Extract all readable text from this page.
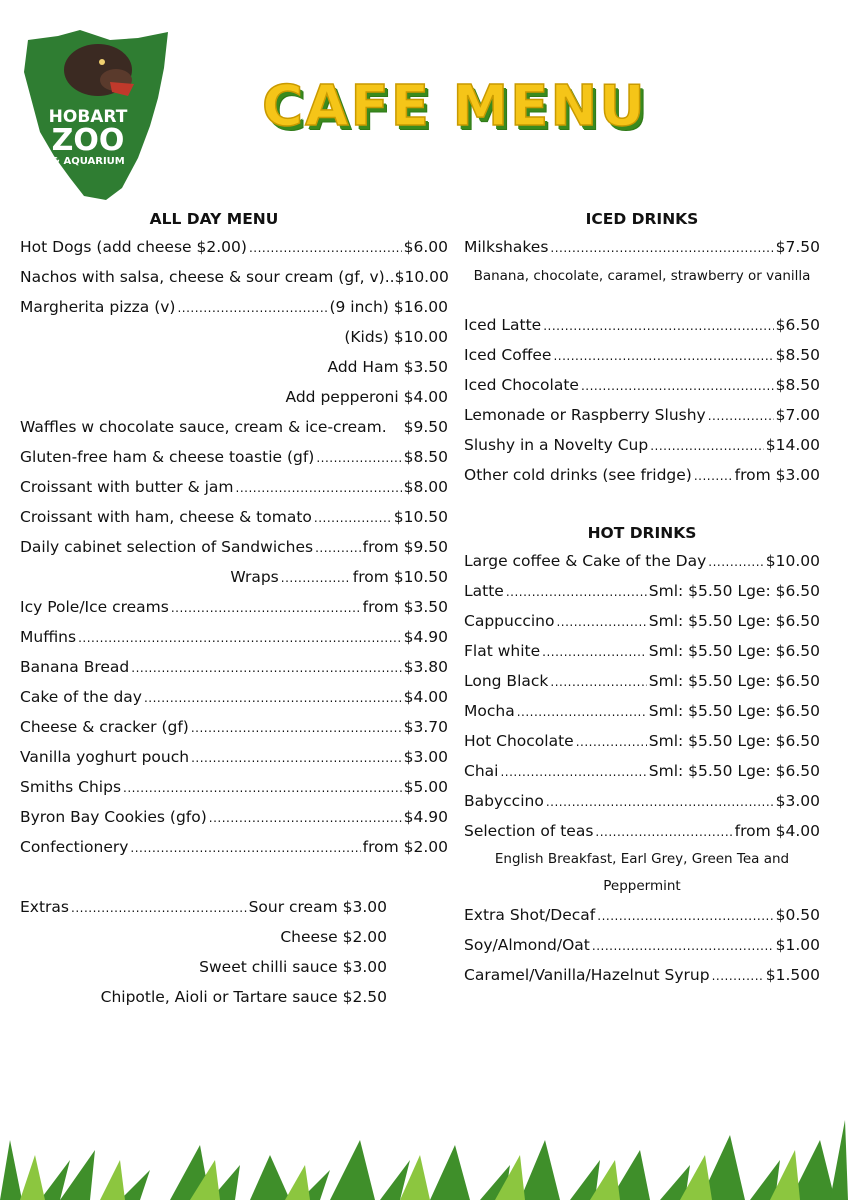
HOBART
ZOO
& AQUARIUM
CAFE MENU
ALL DAY MENU
Hot Dogs (add cheese $2.00) .....	$6.00
Nachos with salsa, cheese & sour cream (gf, v).. $10.00
Margherita pizza (v) .....	(9 inch) $16.00
(Kids) $10.00
Add Ham $3.50
Add pepperoni $4.00
Waffles w chocolate sauce, cream & ice-cream. $9.50
Gluten-free ham & cheese toastie (gf) .....	$8.50
Croissant with butter & jam .....	$8.00
Croissant with ham, cheese & tomato .....	$10.50
Daily cabinet selection of Sandwiches .....	from $9.50
Wraps .....	from $10.50
Icy Pole/Ice creams .....	from $3.50
Muffins .....	$4.90
Banana Bread .....	$3.80
Cake of the day .....	$4.00
Cheese & cracker (gf) .....	$3.70
Vanilla yoghurt pouch .....	$3.00
Smiths Chips .....	$5.00
Byron Bay Cookies (gfo) .....	$4.90
Confectionery .....	from $2.00
Extras .....	Sour cream $3.00
Cheese $2.00
Sweet chilli sauce $3.00
Chipotle, Aioli or Tartare sauce $2.50
ICED DRINKS
Milkshakes .....	$7.50
Banana, chocolate, caramel, strawberry or vanilla
Iced Latte .....	$6.50
Iced Coffee .....	$8.50
Iced Chocolate .....	$8.50
Lemonade or Raspberry Slushy .....	$7.00
Slushy in a Novelty Cup .....	$14.00
Other cold drinks (see fridge) .....	from $3.00
HOT DRINKS
Large coffee & Cake of the Day .....	$10.00
Latte .....	Sml: $5.50 Lge: $6.50
Cappuccino .....	Sml: $5.50 Lge: $6.50
Flat white .....	Sml: $5.50 Lge: $6.50
Long Black .....	Sml: $5.50 Lge: $6.50
Mocha .....	Sml: $5.50 Lge: $6.50
Hot Chocolate .....	Sml: $5.50 Lge: $6.50
Chai .....	Sml: $5.50 Lge: $6.50
Babyccino .....	$3.00
Selection of teas .....	from $4.00
English Breakfast, Earl Grey, Green Tea and
Peppermint
Extra Shot/Decaf .....	$0.50
Soy/Almond/Oat .....	$1.00
Caramel/Vanilla/Hazelnut Syrup .....	$1.500
